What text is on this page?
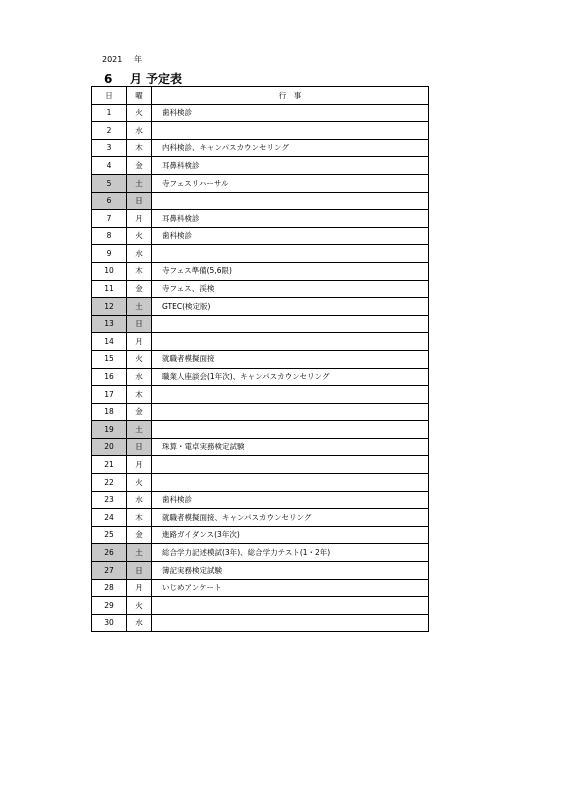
2021 年
6 月 予定表
日	曜	行　事
1	火	歯科検診
2	水	
3	木	内科検診、キャンパスカウンセリング
4	金	耳鼻科検診
5	土	寺フェスリハーサル
6	日	
7	月	耳鼻科検診
8	火	歯科検診
9	水	
10	木	寺フェス準備(5,6限)
11	金	寺フェス、渓検
12	土	GTEC(検定版)
13	日	
14	月	
15	火	就職者模擬面接
16	水	職業人座談会(1年次)、キャンパスカウンセリング
17	木	
18	金	
19	土	
20	日	珠算・電卓実務検定試験
21	月	
22	火	
23	水	歯科検診
24	木	就職者模擬面接、キャンパスカウンセリング
25	金	進路ガイダンス(3年次)
26	土	総合学力記述模試(3年)、総合学力テスト(1・2年)
27	日	簿記実務検定試験
28	月	いじめアンケート
29	火	
30	水	
